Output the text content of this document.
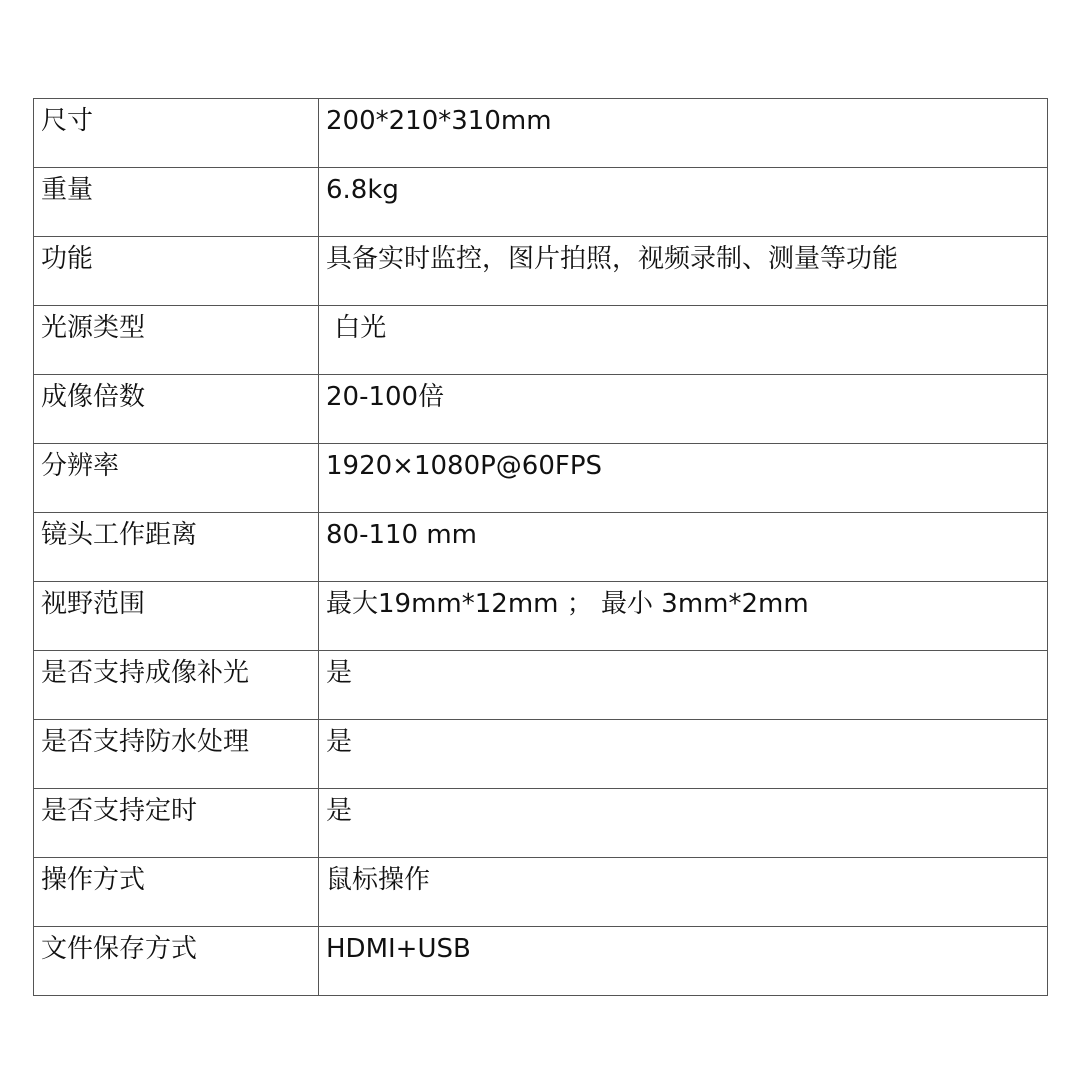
尺寸	200*210*310mm
重量	6.8kg
功能	具备实时监控，图片拍照，视频录制、测量等功能
光源类型	白光
成像倍数	20-100倍
分辨率	1920×1080P@60FPS
镜头工作距离	80-110 mm
视野范围	最大19mm*12mm ； 最小 3mm*2mm
是否支持成像补光	是
是否支持防水处理	是
是否支持定时	是
操作方式	鼠标操作
文件保存方式	HDMI+USB
